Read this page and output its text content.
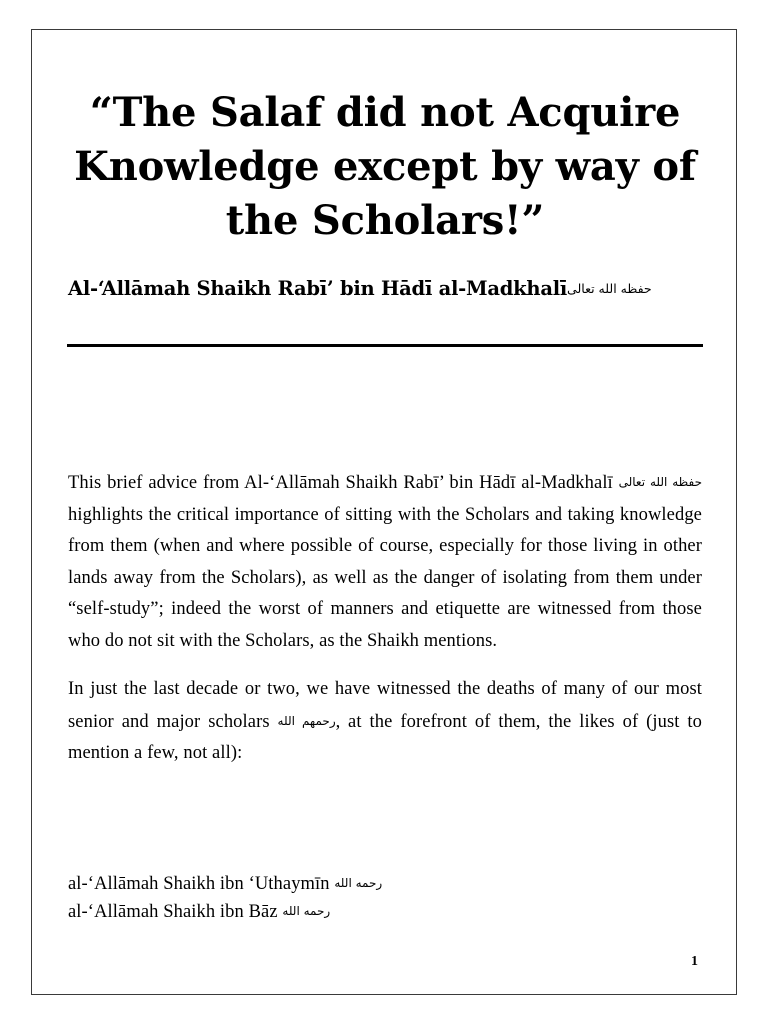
“The Salaf did not Acquire
Knowledge except by way of
the Scholars!”
Al-‘Allāmah Shaikh Rabī’ bin Hādī al-Madkhalīحفظه الله تعالى

This brief advice from Al-‘Allāmah Shaikh Rabī’ bin Hādī al-Madkhalī حفظه الله تعالى highlights the critical importance of sitting with the Scholars and taking knowledge from them (when and where possible of course, especially for those living in other lands away from the Scholars), as well as the danger of isolating from them under “self-study”; indeed the worst of manners and etiquette are witnessed from those who do not sit with the Scholars, as the Shaikh mentions.

In just the last decade or two, we have witnessed the deaths of many of our most senior and major scholars رحمهم الله, at the forefront of them, the likes of (just to mention a few, not all):

al-‘Allāmah Shaikh ibn ‘Uthaymīn رحمه الله
al-‘Allāmah Shaikh ibn Bāz رحمه الله
1
